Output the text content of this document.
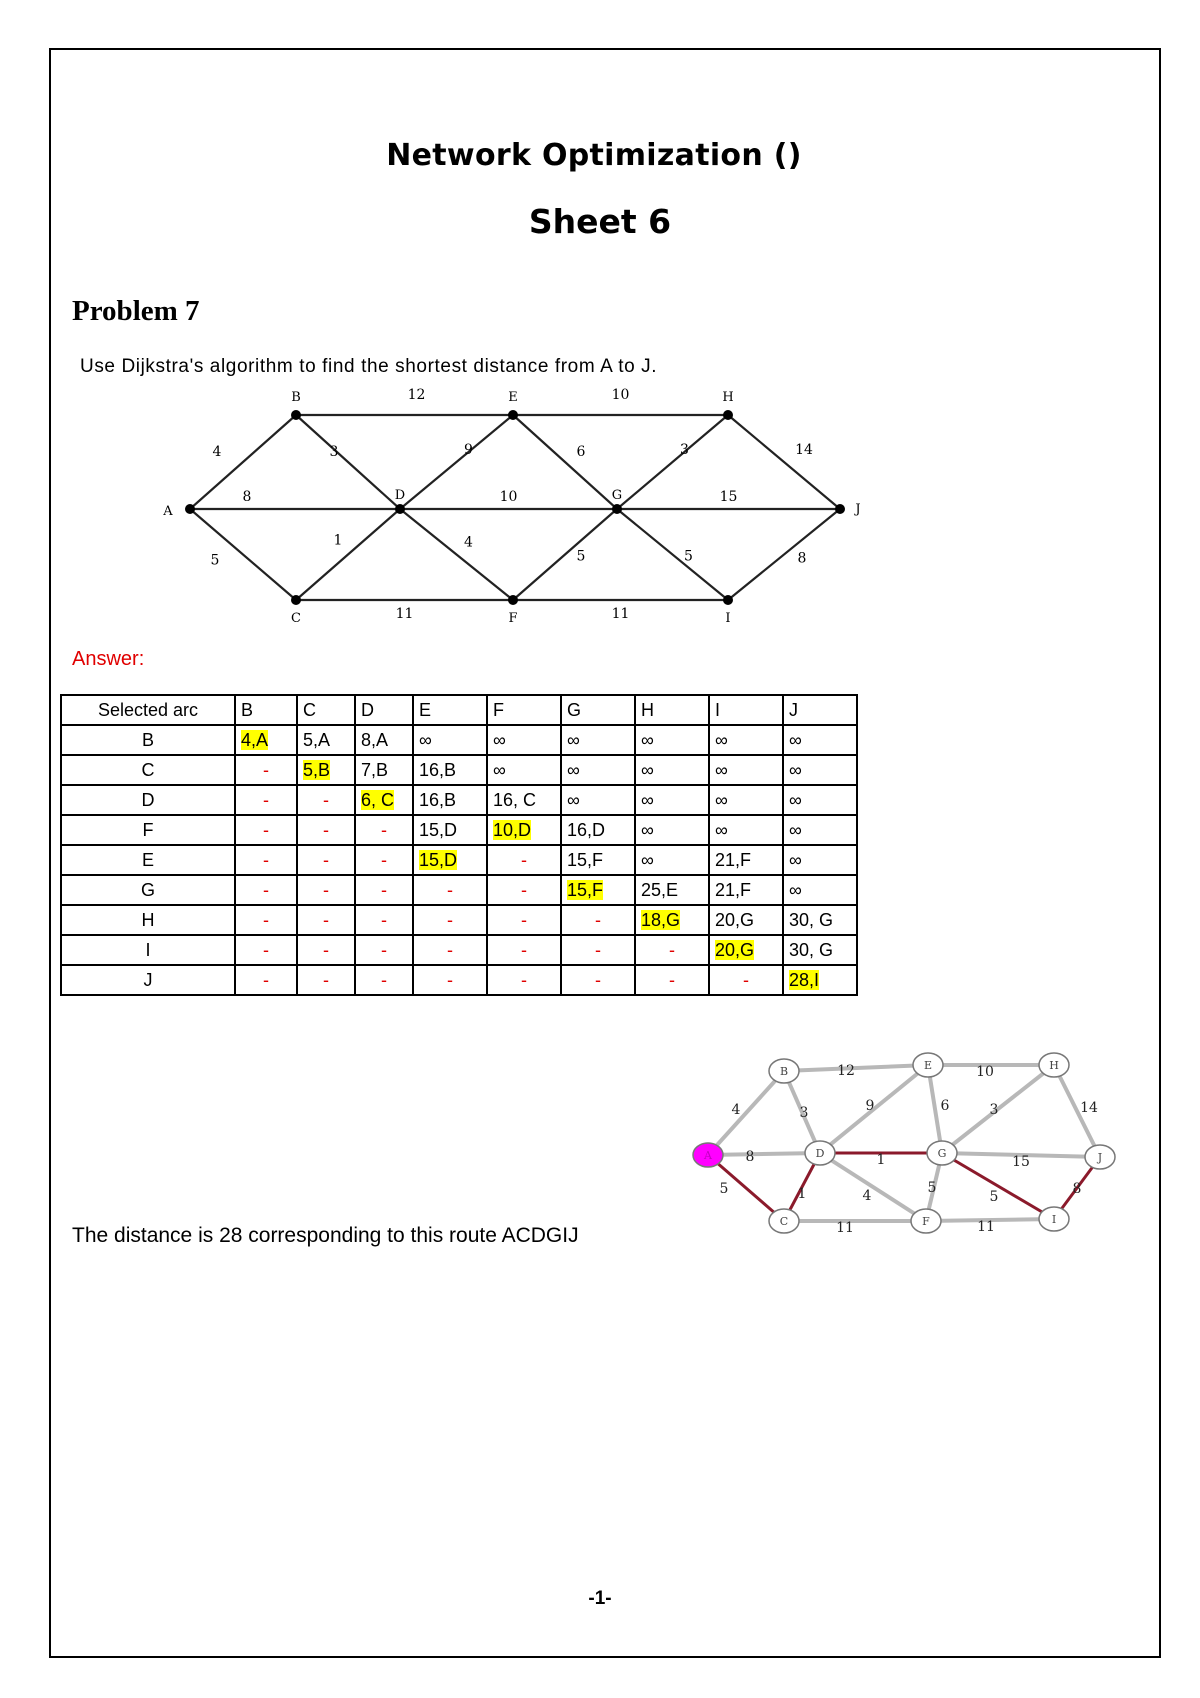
Network Optimization ()
Sheet 6
Problem 7
Use Dijkstra's algorithm to find the shortest distance from A to J.
4
8
5
12
3
1
11
9
10
4
10
6
5
11
3
15
5
14
8
A
B
C
D
E
F
G
H
I
J
Answer:
Selected arc	B	C	D	E	F	G	H	I	J
B	4,A	5,A	8,A	∞	∞	∞	∞	∞	∞
C	-	5,B	7,B	16,B	∞	∞	∞	∞	∞
D	-	-	6, C	16,B	16, C	∞	∞	∞	∞
F	-	-	-	15,D	10,D	16,D	∞	∞	∞
E	-	-	-	15,D	-	15,F	∞	21,F	∞
G	-	-	-	-	-	15,F	25,E	21,F	∞
H	-	-	-	-	-	-	18,G	20,G	30, G
I	-	-	-	-	-	-	-	20,G	30, G
J	-	-	-	-	-	-	-	-	28,I
The distance is 28 corresponding to this route ACDGIJ
4
8
5
12
3
1
11
9
1
4
10
6
5
11
3
15
5
14
8
A
B
C
D
E
F
G
H
I
J
-1-
